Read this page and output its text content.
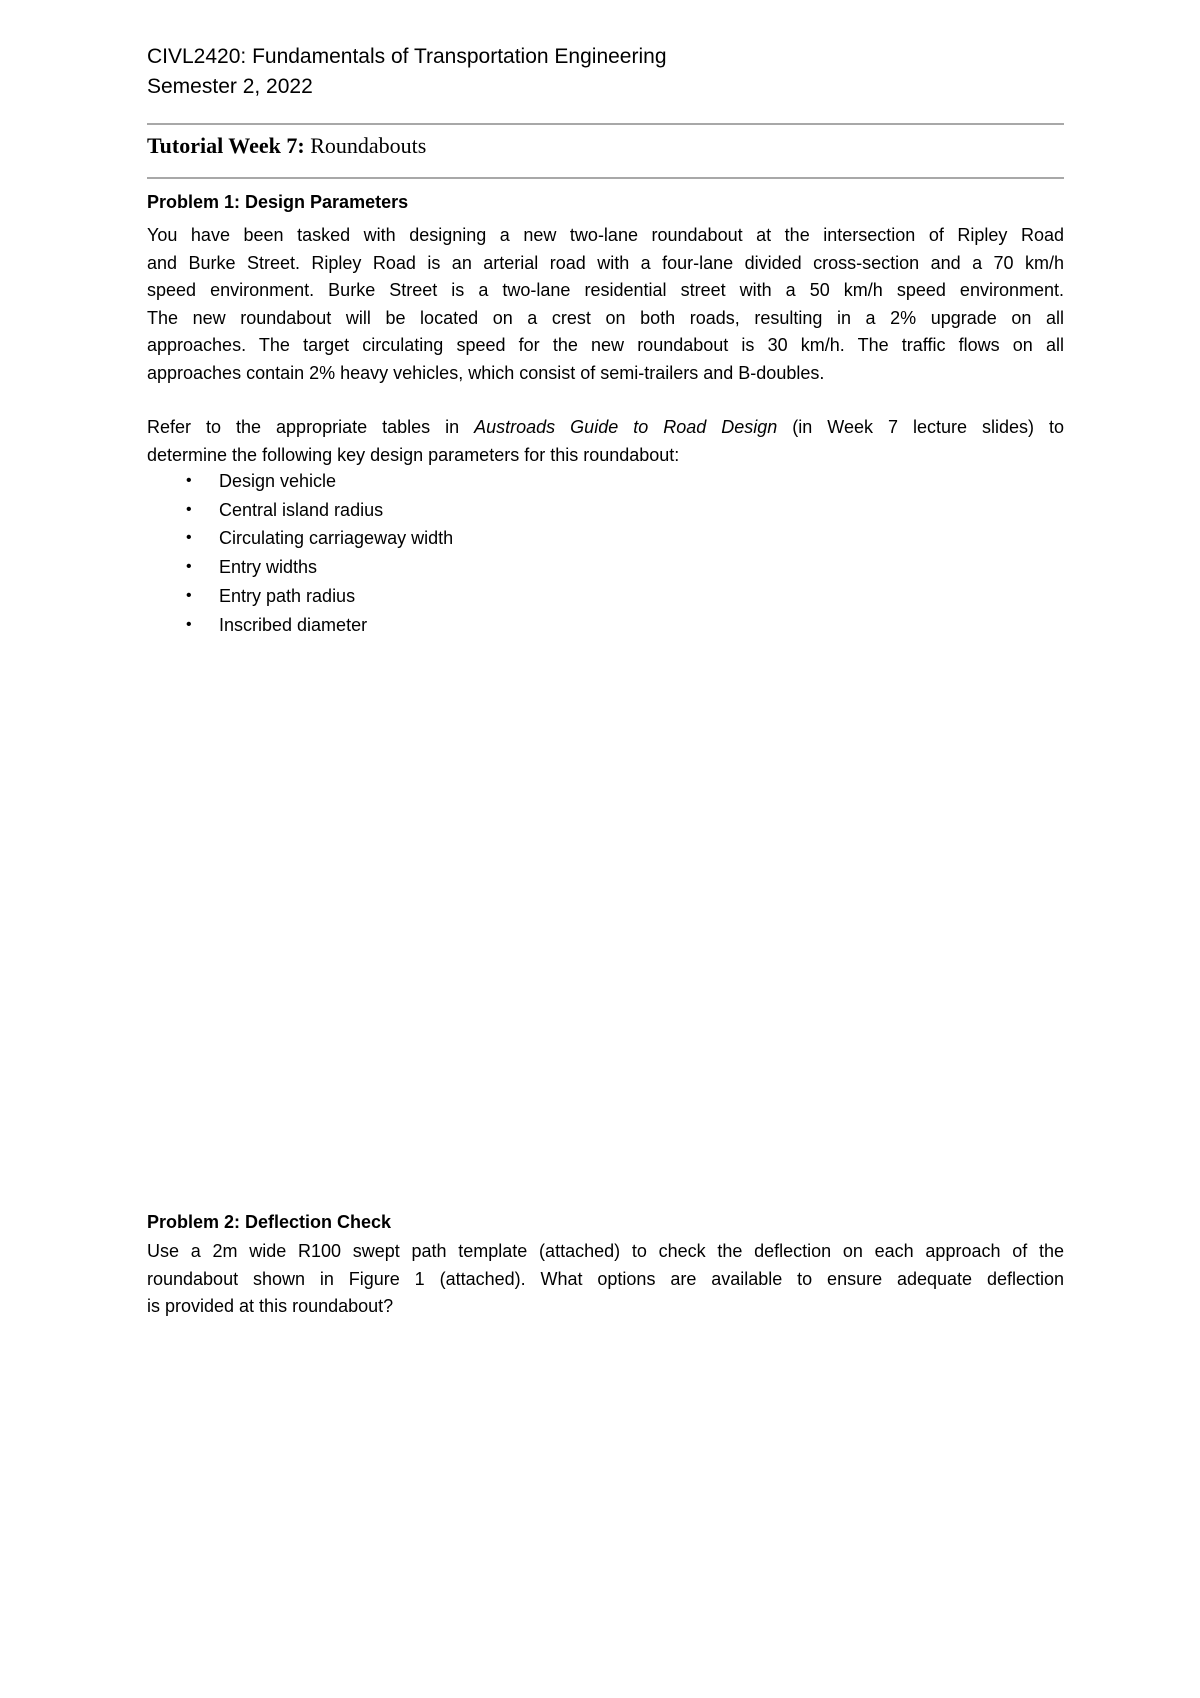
CIVL2420: Fundamentals of Transportation Engineering
Semester 2, 2022
Tutorial Week 7: Roundabouts
Problem 1: Design Parameters
You have been tasked with designing a new two-lane roundabout at the intersection of Ripley Road
and Burke Street. Ripley Road is an arterial road with a four-lane divided cross-section and a 70 km/h
speed environment. Burke Street is a two-lane residential street with a 50 km/h speed environment.
The new roundabout will be located on a crest on both roads, resulting in a 2% upgrade on all
approaches. The target circulating speed for the new roundabout is 30 km/h. The traffic flows on all
approaches contain 2% heavy vehicles, which consist of semi-trailers and B-doubles.
Refer to the appropriate tables in Austroads Guide to Road Design (in Week 7 lecture slides) to
determine the following key design parameters for this roundabout:
• Design vehicle
• Central island radius
• Circulating carriageway width
• Entry widths
• Entry path radius
• Inscribed diameter
Problem 2: Deflection Check
Use a 2m wide R100 swept path template (attached) to check the deflection on each approach of the
roundabout shown in Figure 1 (attached). What options are available to ensure adequate deflection
is provided at this roundabout?
